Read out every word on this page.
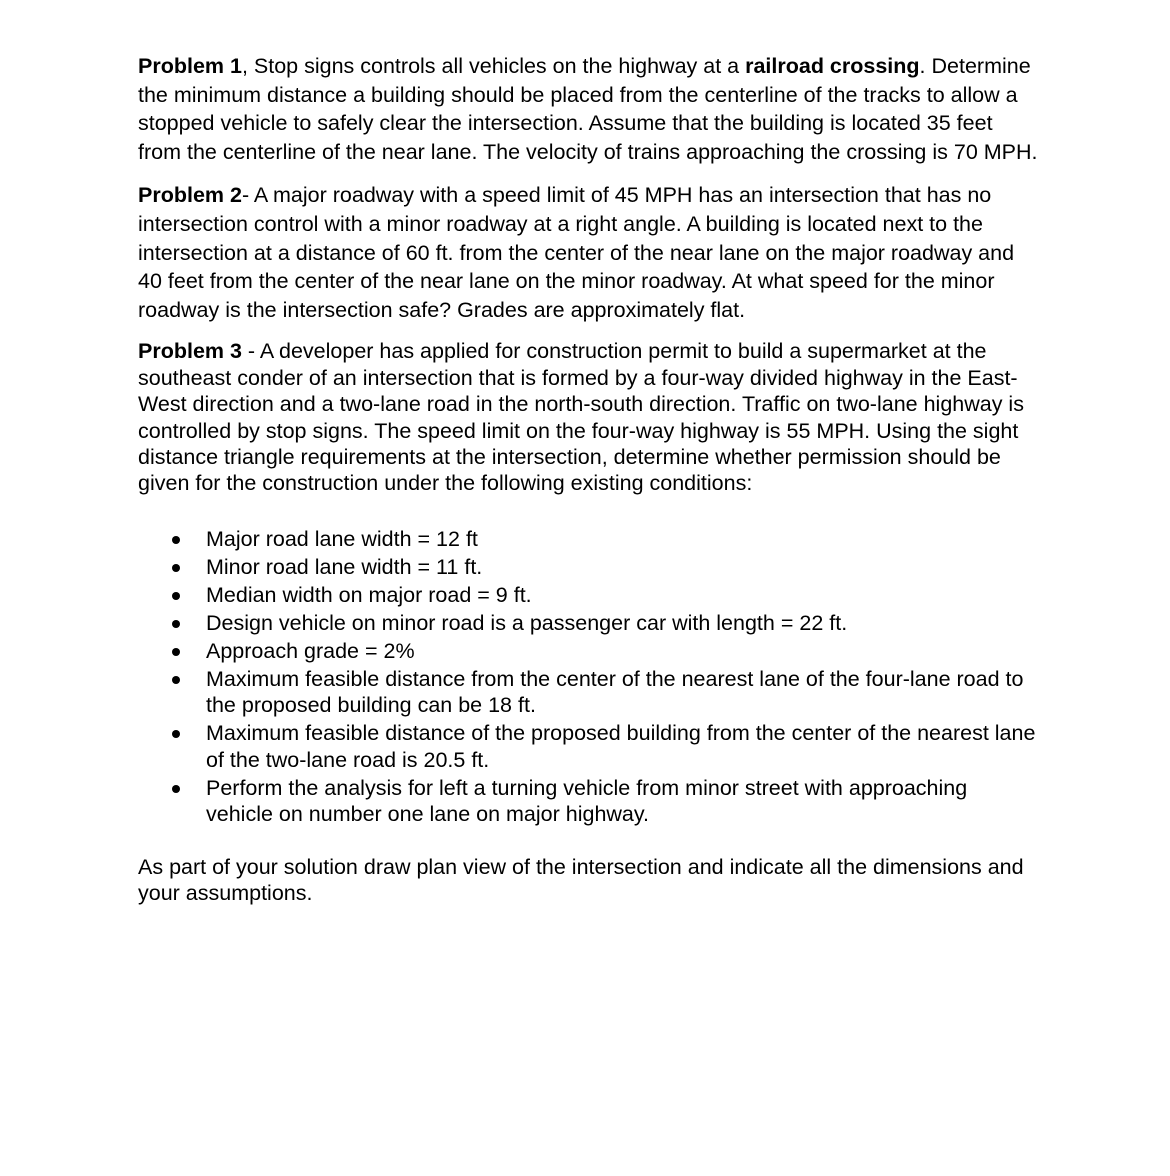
Problem 1, Stop signs controls all vehicles on the highway at a railroad crossing. Determine the minimum distance a building should be placed from the centerline of the tracks to allow a stopped vehicle to safely clear the intersection. Assume that the building is located 35 feet from the centerline of the near lane. The velocity of trains approaching the crossing is 70 MPH.

Problem 2- A major roadway with a speed limit of 45 MPH has an intersection that has no intersection control with a minor roadway at a right angle. A building is located next to the intersection at a distance of 60 ft. from the center of the near lane on the major roadway and 40 feet from the center of the near lane on the minor roadway. At what speed for the minor roadway is the intersection safe? Grades are approximately flat.

Problem 3 - A developer has applied for construction permit to build a supermarket at the southeast conder of an intersection that is formed by a four-way divided highway in the East-West direction and a two-lane road in the north-south direction. Traffic on two-lane highway is controlled by stop signs. The speed limit on the four-way highway is 55 MPH. Using the sight distance triangle requirements at the intersection, determine whether permission should be given for the construction under the following existing conditions:

Major road lane width = 12 ft
Minor road lane width = 11 ft.
Median width on major road = 9 ft.
Design vehicle on minor road is a passenger car with length = 22 ft.
Approach grade = 2%
Maximum feasible distance from the center of the nearest lane of the four-lane road to the proposed building can be 18 ft.
Maximum feasible distance of the proposed building from the center of the nearest lane of the two-lane road is 20.5 ft.
Perform the analysis for left a turning vehicle from minor street with approaching vehicle on number one lane on major highway.

As part of your solution draw plan view of the intersection and indicate all the dimensions and your assumptions.
